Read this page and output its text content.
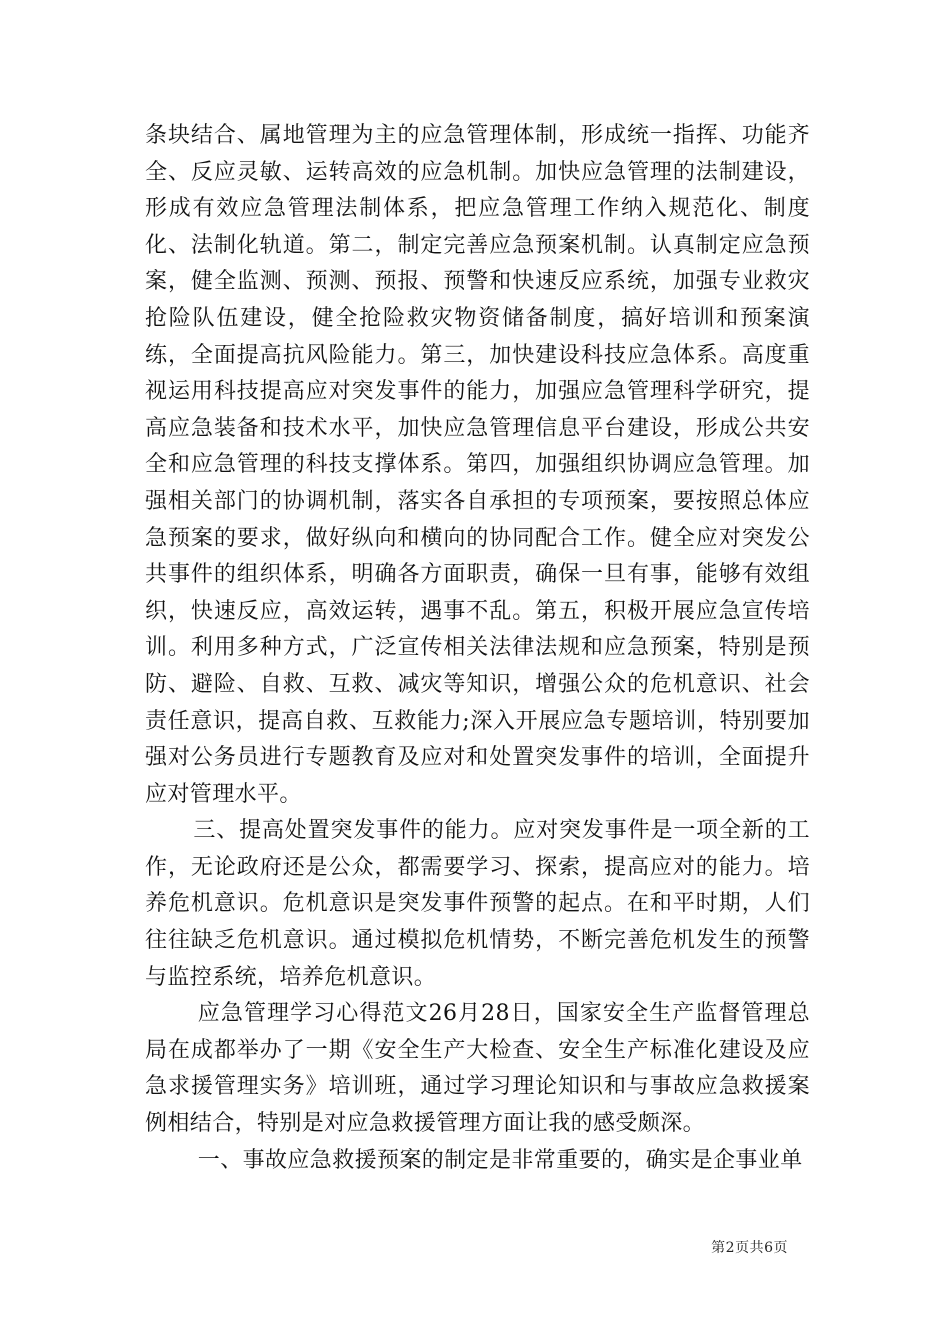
条块结合、属地管理为主的应急管理体制，形成统一指挥、功能齐全、反应灵敏、运转高效的应急机制。加快应急管理的法制建设，形成有效应急管理法制体系，把应急管理工作纳入规范化、制度化、法制化轨道。第二，制定完善应急预案机制。认真制定应急预案，健全监测、预测、预报、预警和快速反应系统，加强专业救灾抢险队伍建设，健全抢险救灾物资储备制度，搞好培训和预案演练，全面提高抗风险能力。第三，加快建设科技应急体系。高度重视运用科技提高应对突发事件的能力，加强应急管理科学研究，提高应急装备和技术水平，加快应急管理信息平台建设，形成公共安全和应急管理的科技支撑体系。第四，加强组织协调应急管理。加强相关部门的协调机制，落实各自承担的专项预案，要按照总体应急预案的要求，做好纵向和横向的协同配合工作。健全应对突发公共事件的组织体系，明确各方面职责，确保一旦有事，能够有效组织，快速反应，高效运转，遇事不乱。第五，积极开展应急宣传培训。利用多种方式，广泛宣传相关法律法规和应急预案，特别是预防、避险、自救、互救、减灾等知识，增强公众的危机意识、社会责任意识，提高自救、互救能力;深入开展应急专题培训，特别要加强对公务员进行专题教育及应对和处置突发事件的培训，全面提升应对管理水平。

三、提高处置突发事件的能力。应对突发事件是一项全新的工作，无论政府还是公众，都需要学习、探索，提高应对的能力。培养危机意识。危机意识是突发事件预警的起点。在和平时期，人们往往缺乏危机意识。通过模拟危机情势，不断完善危机发生的预警与监控系统，培养危机意识。

应急管理学习心得范文26月28日，国家安全生产监督管理总局在成都举办了一期《安全生产大检查、安全生产标准化建设及应急求援管理实务》培训班，通过学习理论知识和与事故应急救援案例相结合，特别是对应急救援管理方面让我的感受颇深。

一、事故应急救援预案的制定是非常重要的，确实是企事业单

第2页共6页
